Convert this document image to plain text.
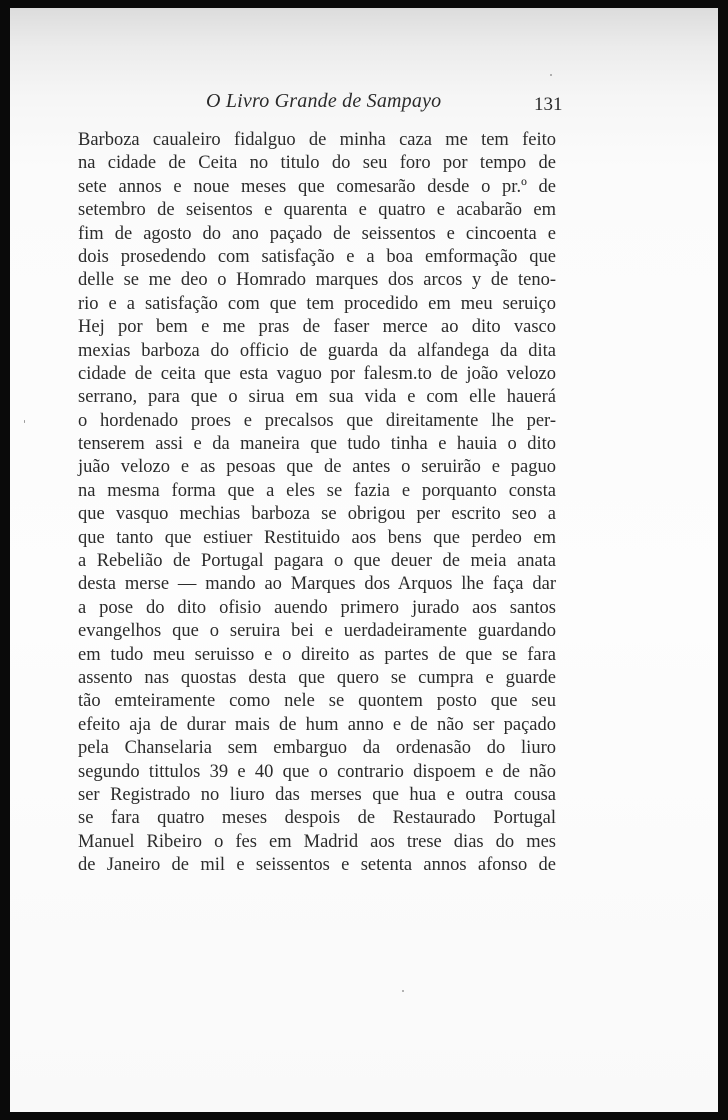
O Livro Grande de Sampayo	131
Barboza caualeiro fidalguo de minha caza me tem feito
na cidade de Ceita no titulo do seu foro por tempo de
sete annos e noue meses que comesarão desde o pr.º de
setembro de seisentos e quarenta e quatro e acabarão em
fim de agosto do ano paçado de seissentos e cincoenta e
dois prosedendo com satisfação e a boa emformação que
delle se me deo o Homrado marques dos arcos y de teno-
rio e a satisfação com que tem procedido em meu seruiço
Hej por bem e me pras de faser merce ao dito vasco
mexias barboza do officio de guarda da alfandega da dita
cidade de ceita que esta vaguo por falesm.to de joão velozo
serrano, para que o sirua em sua vida e com elle hauerá
o hordenado proes e precalsos que direitamente lhe per-
tenserem assi e da maneira que tudo tinha e hauia o dito
juão velozo e as pesoas que de antes o seruirão e paguo
na mesma forma que a eles se fazia e porquanto consta
que vasquo mechias barboza se obrigou per escrito seo a
que tanto que estiuer Restituido aos bens que perdeo em
a Rebelião de Portugal pagara o que deuer de meia anata
desta merse — mando ao Marques dos Arquos lhe faça dar
a pose do dito ofisio auendo primero jurado aos santos
evangelhos que o seruira bei e uerdadeiramente guardando
em tudo meu seruisso e o direito as partes de que se fara
assento nas quostas desta que quero se cumpra e guarde
tão emteiramente como nele se quontem posto que seu
efeito aja de durar mais de hum anno e de não ser paçado
pela Chanselaria sem embarguo da ordenasão do liuro
segundo tittulos 39 e 40 que o contrario dispoem e de não
ser Registrado no liuro das merses que hua e outra cousa
se fara quatro meses despois de Restaurado Portugal
Manuel Ribeiro o fes em Madrid aos trese dias do mes
de Janeiro de mil e seissentos e setenta annos afonso de
